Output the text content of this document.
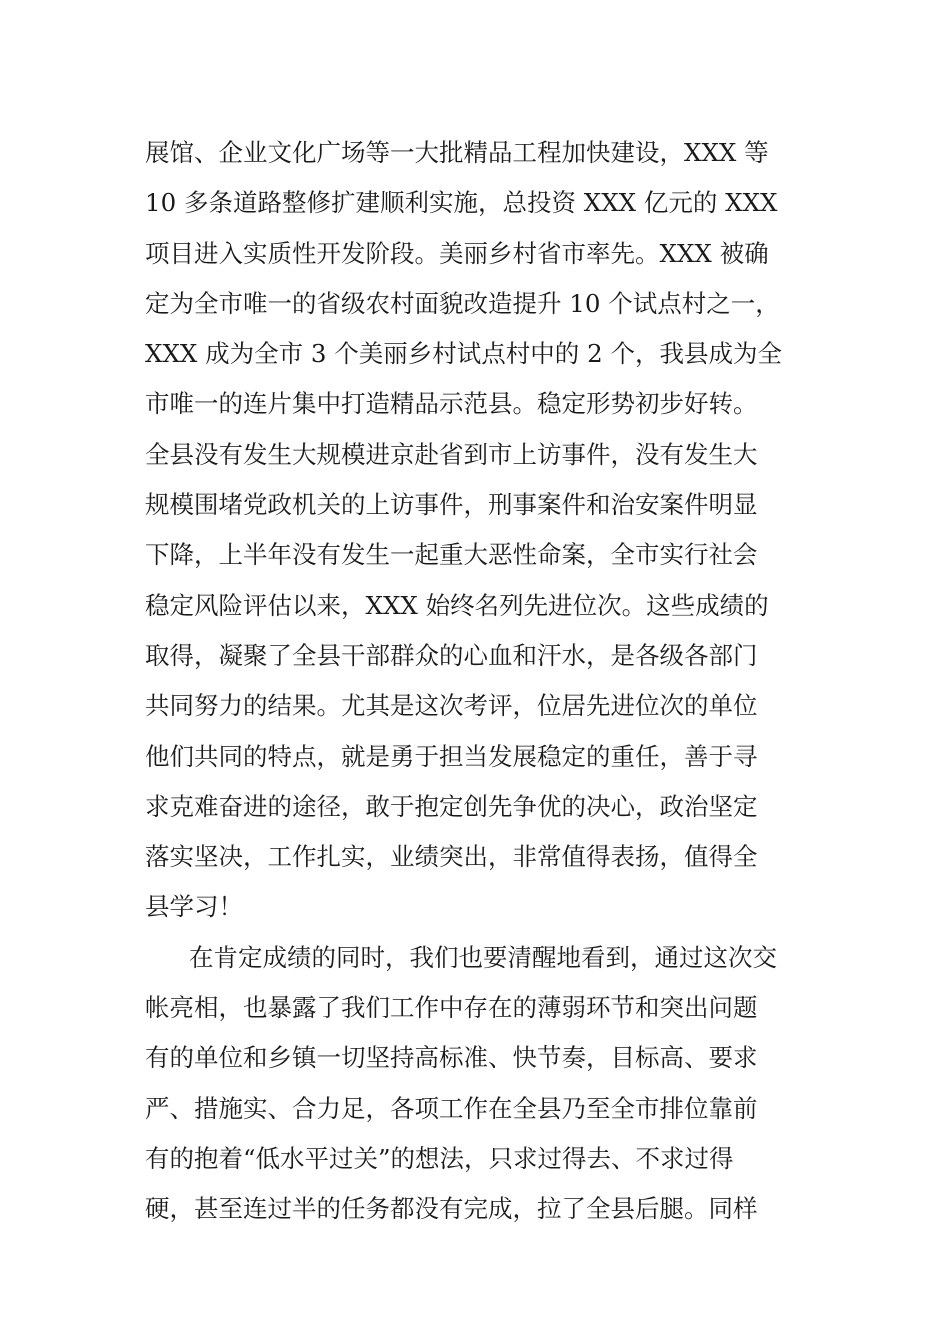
展馆、企业文化广场等一大批精品工程加快建设，XXX 等
10 多条道路整修扩建顺利实施，总投资 XXX 亿元的 XXX
项目进入实质性开发阶段。美丽乡村省市率先。XXX 被确
定为全市唯一的省级农村面貌改造提升 10 个试点村之一，
XXX 成为全市 3 个美丽乡村试点村中的 2 个，我县成为全
市唯一的连片集中打造精品示范县。稳定形势初步好转。
全县没有发生大规模进京赴省到市上访事件，没有发生大
规模围堵党政机关的上访事件，刑事案件和治安案件明显
下降，上半年没有发生一起重大恶性命案，全市实行社会
稳定风险评估以来，XXX 始终名列先进位次。这些成绩的
取得，凝聚了全县干部群众的心血和汗水，是各级各部门
共同努力的结果。尤其是这次考评，位居先进位次的单位
他们共同的特点，就是勇于担当发展稳定的重任，善于寻
求克难奋进的途径，敢于抱定创先争优的决心，政治坚定
落实坚决，工作扎实，业绩突出，非常值得表扬，值得全
县学习！
在肯定成绩的同时，我们也要清醒地看到，通过这次交
帐亮相，也暴露了我们工作中存在的薄弱环节和突出问题
有的单位和乡镇一切坚持高标准、快节奏，目标高、要求
严、措施实、合力足，各项工作在全县乃至全市排位靠前
有的抱着“低水平过关”的想法，只求过得去、不求过得
硬，甚至连过半的任务都没有完成，拉了全县后腿。同样
